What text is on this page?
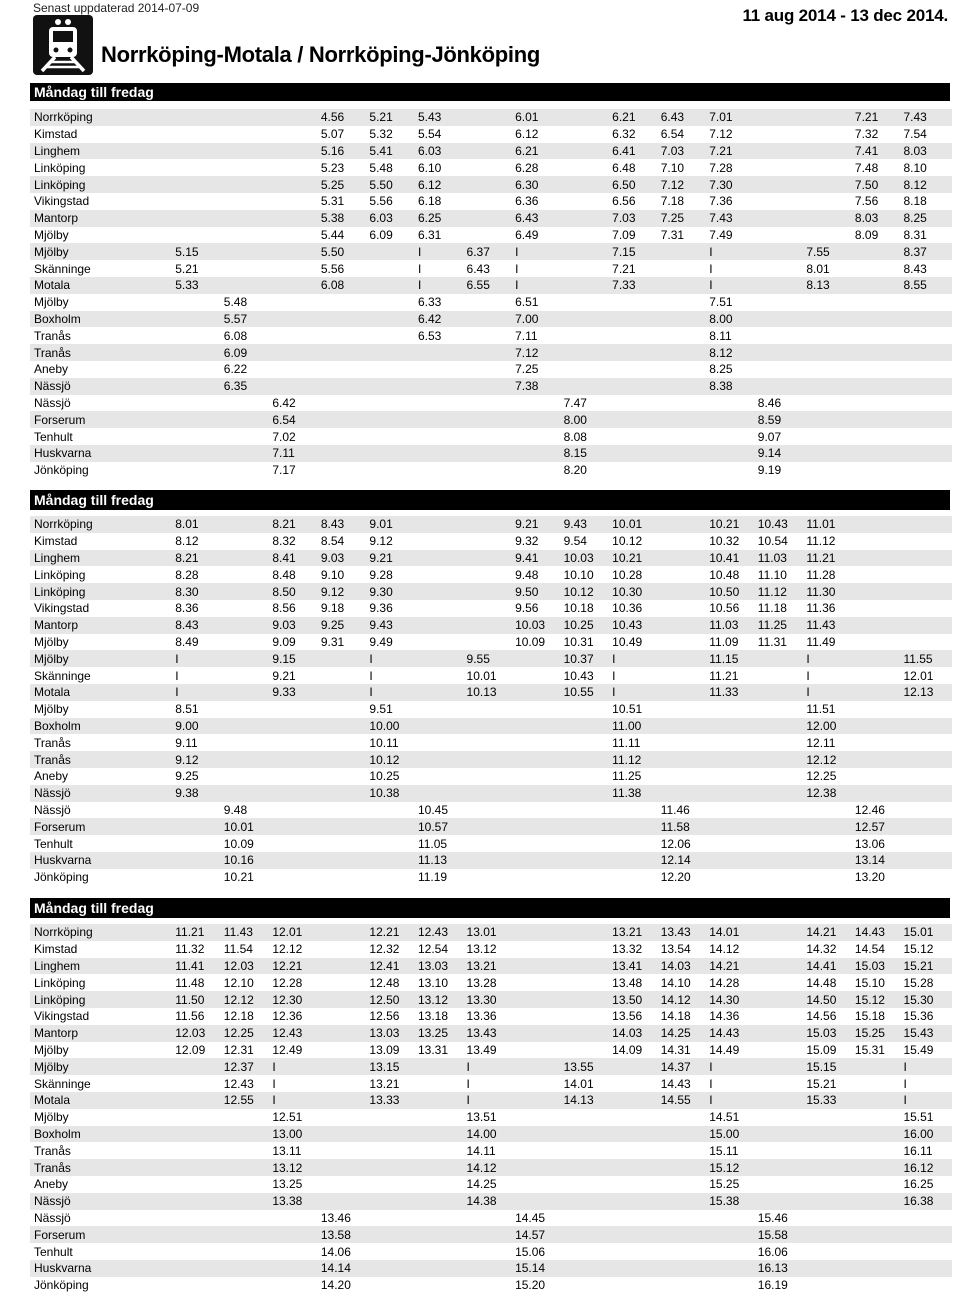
Senast uppdaterad 2014-07-09
Norrköping-Motala / Norrköping-Jönköping
11 aug 2014 - 13 dec 2014.
Måndag till fredag
Norrköping				4.56	5.21	5.43		6.01		6.21	6.43	7.01			7.21	7.43
Kimstad				5.07	5.32	5.54		6.12		6.32	6.54	7.12			7.32	7.54
Linghem				5.16	5.41	6.03		6.21		6.41	7.03	7.21			7.41	8.03
Linköping				5.23	5.48	6.10		6.28		6.48	7.10	7.28			7.48	8.10
Linköping				5.25	5.50	6.12		6.30		6.50	7.12	7.30			7.50	8.12
Vikingstad				5.31	5.56	6.18		6.36		6.56	7.18	7.36			7.56	8.18
Mantorp				5.38	6.03	6.25		6.43		7.03	7.25	7.43			8.03	8.25
Mjölby				5.44	6.09	6.31		6.49		7.09	7.31	7.49			8.09	8.31
Mjölby	5.15			5.50		I	6.37	I		7.15		I		7.55		8.37
Skänninge	5.21			5.56		I	6.43	I		7.21		I		8.01		8.43
Motala	5.33			6.08		I	6.55	I		7.33		I		8.13		8.55
Mjölby		5.48				6.33		6.51				7.51				
Boxholm		5.57				6.42		7.00				8.00				
Tranås		6.08				6.53		7.11				8.11				
Tranås		6.09						7.12				8.12				
Aneby		6.22						7.25				8.25				
Nässjö		6.35						7.38				8.38				
Nässjö			6.42						7.47				8.46			
Forserum			6.54						8.00				8.59			
Tenhult			7.02						8.08				9.07			
Huskvarna			7.11						8.15				9.14			
Jönköping			7.17						8.20				9.19			
Måndag till fredag
Norrköping	8.01		8.21	8.43	9.01			9.21	9.43	10.01		10.21	10.43	11.01		
Kimstad	8.12		8.32	8.54	9.12			9.32	9.54	10.12		10.32	10.54	11.12		
Linghem	8.21		8.41	9.03	9.21			9.41	10.03	10.21		10.41	11.03	11.21		
Linköping	8.28		8.48	9.10	9.28			9.48	10.10	10.28		10.48	11.10	11.28		
Linköping	8.30		8.50	9.12	9.30			9.50	10.12	10.30		10.50	11.12	11.30		
Vikingstad	8.36		8.56	9.18	9.36			9.56	10.18	10.36		10.56	11.18	11.36		
Mantorp	8.43		9.03	9.25	9.43			10.03	10.25	10.43		11.03	11.25	11.43		
Mjölby	8.49		9.09	9.31	9.49			10.09	10.31	10.49		11.09	11.31	11.49		
Mjölby	I		9.15		I		9.55		10.37	I		11.15		I		11.55
Skänninge	I		9.21		I		10.01		10.43	I		11.21		I		12.01
Motala	I		9.33		I		10.13		10.55	I		11.33		I		12.13
Mjölby	8.51				9.51					10.51				11.51		
Boxholm	9.00				10.00					11.00				12.00		
Tranås	9.11				10.11					11.11				12.11		
Tranås	9.12				10.12					11.12				12.12		
Aneby	9.25				10.25					11.25				12.25		
Nässjö	9.38				10.38					11.38				12.38		
Nässjö		9.48				10.45					11.46				12.46	
Forserum		10.01				10.57					11.58				12.57	
Tenhult		10.09				11.05					12.06				13.06	
Huskvarna		10.16				11.13					12.14				13.14	
Jönköping		10.21				11.19					12.20				13.20	
Måndag till fredag
Norrköping	11.21	11.43	12.01		12.21	12.43	13.01			13.21	13.43	14.01		14.21	14.43	15.01
Kimstad	11.32	11.54	12.12		12.32	12.54	13.12			13.32	13.54	14.12		14.32	14.54	15.12
Linghem	11.41	12.03	12.21		12.41	13.03	13.21			13.41	14.03	14.21		14.41	15.03	15.21
Linköping	11.48	12.10	12.28		12.48	13.10	13.28			13.48	14.10	14.28		14.48	15.10	15.28
Linköping	11.50	12.12	12.30		12.50	13.12	13.30			13.50	14.12	14.30		14.50	15.12	15.30
Vikingstad	11.56	12.18	12.36		12.56	13.18	13.36			13.56	14.18	14.36		14.56	15.18	15.36
Mantorp	12.03	12.25	12.43		13.03	13.25	13.43			14.03	14.25	14.43		15.03	15.25	15.43
Mjölby	12.09	12.31	12.49		13.09	13.31	13.49			14.09	14.31	14.49		15.09	15.31	15.49
Mjölby		12.37	I		13.15		I		13.55		14.37	I		15.15		I
Skänninge		12.43	I		13.21		I		14.01		14.43	I		15.21		I
Motala		12.55	I		13.33		I		14.13		14.55	I		15.33		I
Mjölby			12.51				13.51					14.51				15.51
Boxholm			13.00				14.00					15.00				16.00
Tranås			13.11				14.11					15.11				16.11
Tranås			13.12				14.12					15.12				16.12
Aneby			13.25				14.25					15.25				16.25
Nässjö			13.38				14.38					15.38				16.38
Nässjö				13.46				14.45					15.46			
Forserum				13.58				14.57					15.58			
Tenhult				14.06				15.06					16.06			
Huskvarna				14.14				15.14					16.13			
Jönköping				14.20				15.20					16.19			
